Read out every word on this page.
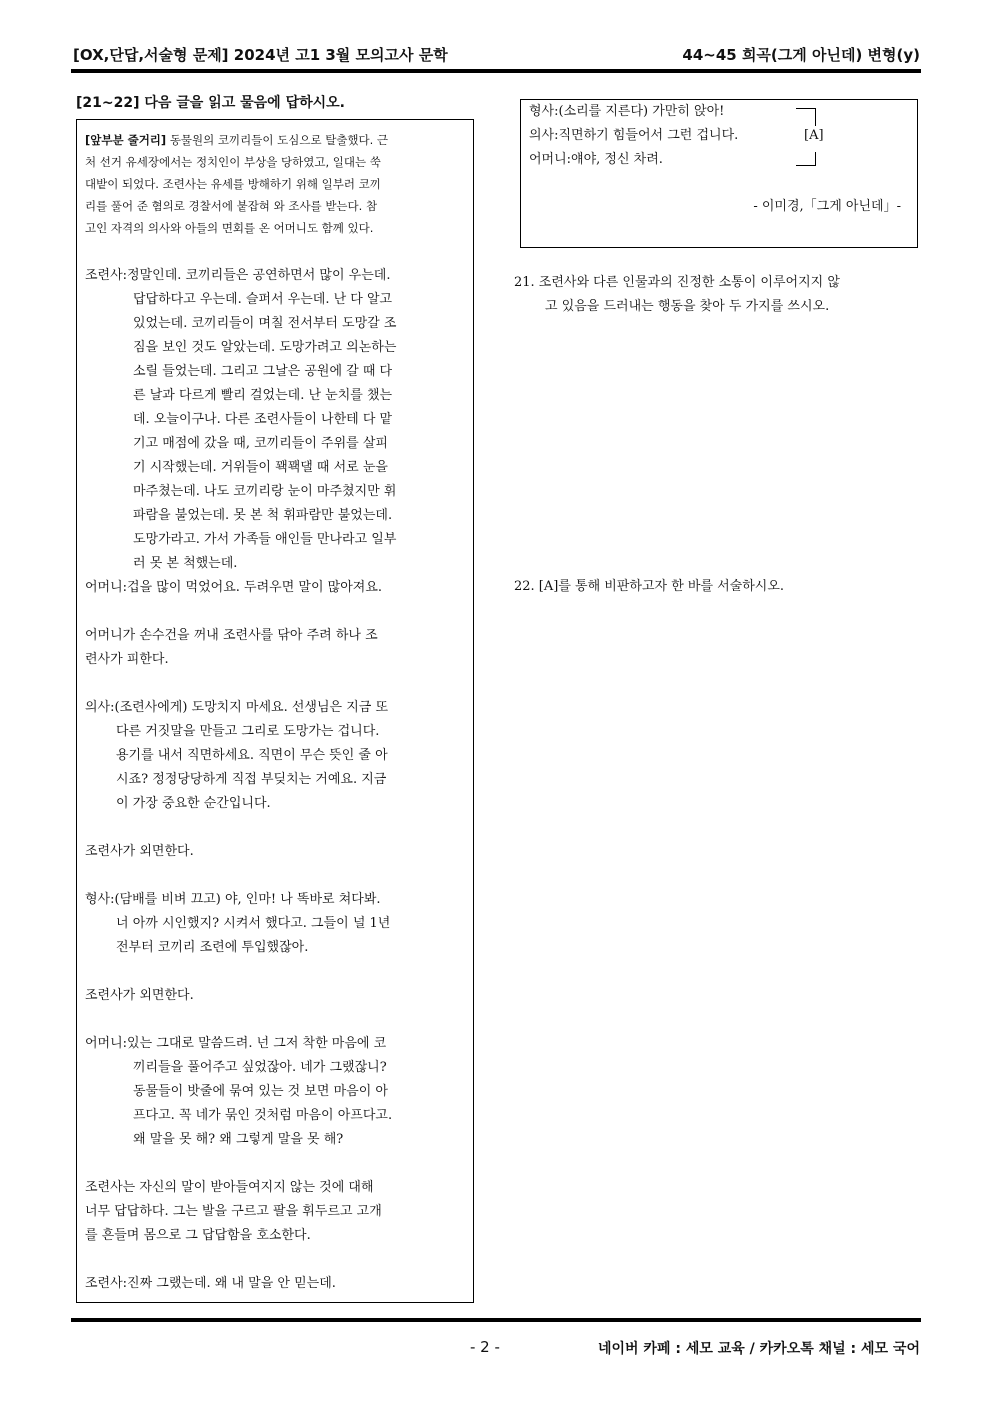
[OX,단답,서술형 문제] 2024년 고1 3월 모의고사 문학	44~45 희곡(그게 아닌데) 변형(y)
[21~22] 다음 글을 읽고 물음에 답하시오.
[앞부분 줄거리] 동물원의 코끼리들이 도심으로 탈출했다. 근
처 선거 유세장에서는 정치인이 부상을 당하였고, 일대는 쑥
대밭이 되었다. 조련사는 유세를 방해하기 위해 일부러 코끼
리를 풀어 준 혐의로 경찰서에 붙잡혀 와 조사를 받는다. 참
고인 자격의 의사와 아들의 면회를 온 어머니도 함께 있다.
조련사:정말인데. 코끼리들은 공연하면서 많이 우는데.
답답하다고 우는데. 슬퍼서 우는데. 난 다 알고
있었는데. 코끼리들이 며칠 전서부터 도망갈 조
짐을 보인 것도 알았는데. 도망가려고 의논하는
소릴 들었는데. 그리고 그날은 공원에 갈 때 다
른 날과 다르게 빨리 걸었는데. 난 눈치를 챘는
데. 오늘이구나. 다른 조련사들이 나한테 다 맡
기고 매점에 갔을 때, 코끼리들이 주위를 살피
기 시작했는데. 거위들이 꽥꽥댈 때 서로 눈을
마주쳤는데. 나도 코끼리랑 눈이 마주쳤지만 휘
파람을 불었는데. 못 본 척 휘파람만 불었는데.
도망가라고. 가서 가족들 애인들 만나라고 일부
러 못 본 척했는데.
어머니:겁을 많이 먹었어요. 두려우면 말이 많아져요.
어머니가 손수건을 꺼내 조련사를 닦아 주려 하나 조
련사가 피한다.
의사:(조련사에게) 도망치지 마세요. 선생님은 지금 또
다른 거짓말을 만들고 그리로 도망가는 겁니다.
용기를 내서 직면하세요. 직면이 무슨 뜻인 줄 아
시죠? 정정당당하게 직접 부딪치는 거예요. 지금
이 가장 중요한 순간입니다.
조련사가 외면한다.
형사:(담배를 비벼 끄고) 야, 인마! 나 똑바로 쳐다봐.
너 아까 시인했지? 시켜서 했다고. 그들이 널 1년
전부터 코끼리 조련에 투입했잖아.
조련사가 외면한다.
어머니:있는 그대로 말씀드려. 넌 그저 착한 마음에 코
끼리들을 풀어주고 싶었잖아. 네가 그랬잖니?
동물들이 밧줄에 묶여 있는 것 보면 마음이 아
프다고. 꼭 네가 묶인 것처럼 마음이 아프다고.
왜 말을 못 해? 왜 그렇게 말을 못 해?
조련사는 자신의 말이 받아들여지지 않는 것에 대해
너무 답답하다. 그는 발을 구르고 팔을 휘두르고 고개
를 흔들며 몸으로 그 답답함을 호소한다.
조련사:진짜 그랬는데. 왜 내 말을 안 믿는데.
형사:(소리를 지른다) 가만히 앉아!
의사:직면하기 힘들어서 그런 겁니다.
어머니:얘야, 정신 차려.
[A]
- 이미경,「그게 아닌데」-
21. 조련사와 다른 인물과의 진정한 소통이 이루어지지 않
고 있음을 드러내는 행동을 찾아 두 가지를 쓰시오.
22. [A]를 통해 비판하고자 한 바를 서술하시오.
- 2 -	네이버 카페 : 세모 교육 / 카카오톡 채널 : 세모 국어
